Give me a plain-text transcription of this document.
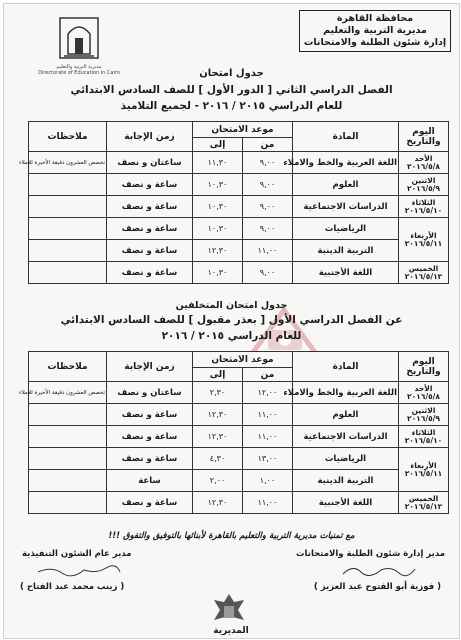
محافظة القاهرة
مديرية التربية والتعليم
إدارة شئون الطلبة والامتحانات
مديرية التربية والتعليم
Directorate of Education in Cairo	جدول امتحان
الفصل الدراسي الثاني [ الدور الأول ] للصف السادس الابتدائي
للعام الدراسي ٢٠١٥ / ٢٠١٦ - لجميع التلاميذ
اليوم والتاريخ	المادة	موعد الامتحان		زمن الإجابة	ملاحظات
		من	إلى		

الأحد
٢٠١٦/٥/٨	اللغة العربية والخط والاملاء	٩,٠٠	١١,٣٠	ساعتان و نصف	تخصص العشرون دقيقة الأخيرة للإملاء

الاثنين
٢٠١٦/٥/٩	العلوم	٩,٠٠	١٠,٣٠	ساعة و نصف	

الثلاثاء
٢٠١٦/٥/١٠	الدراسات الاجتماعية	٩,٠٠	١٠,٣٠	ساعة و نصف	

الأربعاء
٢٠١٦/٥/١١	الرياضيات	٩,٠٠	١٠,٣٠	ساعة و نصف	
	التربية الدينية	١١,٠٠	١٢,٣٠	ساعة و نصف	

الخميس
٢٠١٦/٥/١٢	اللغة الأجنبية	٩,٠٠	١٠,٣٠	ساعة و نصف	
جدول امتحان المتخلفين
عن الفصل الدراسي الأول [ بعذر مقبول ] للصف السادس الابتدائي
للعام الدراسي ٢٠١٥ / ٢٠١٦
اليوم والتاريخ	المادة	موعد الامتحان		زمن الإجابة	ملاحظات
		من	إلى		

الأحد
٢٠١٦/٥/٨	اللغة العربية والخط والاملاء	١٢,٠٠	٢,٣٠	ساعتان و نصف	تخصص العشرون دقيقة الأخيرة للإملاء

الاثنين
٢٠١٦/٥/٩	العلوم	١١,٠٠	١٢,٣٠	ساعة و نصف	

الثلاثاء
٢٠١٦/٥/١٠	الدراسات الاجتماعية	١١,٠٠	١٢,٣٠	ساعة و نصف	

الأربعاء
٢٠١٦/٥/١١	الرياضيات	١٣,٠٠	٤,٣٠	ساعة و نصف	
	التربية الدينية	١,٠٠	٢,٠٠	ساعة	

الخميس
٢٠١٦/٥/١٢	اللغة الأجنبية	١١,٠٠	١٢,٣٠	ساعة و نصف	
مع تمنيات مديرية التربية والتعليم بالقاهرة لأبنائها بالتوفيق والتفوق !!!
مدير إدارة شئون الطلبة والامتحانات
( فوزية أبو الفتوح عبد العزيز )
مدير عام الشئون التنفيذية
( زينب محمد عبد الفتاح )
المديرية
